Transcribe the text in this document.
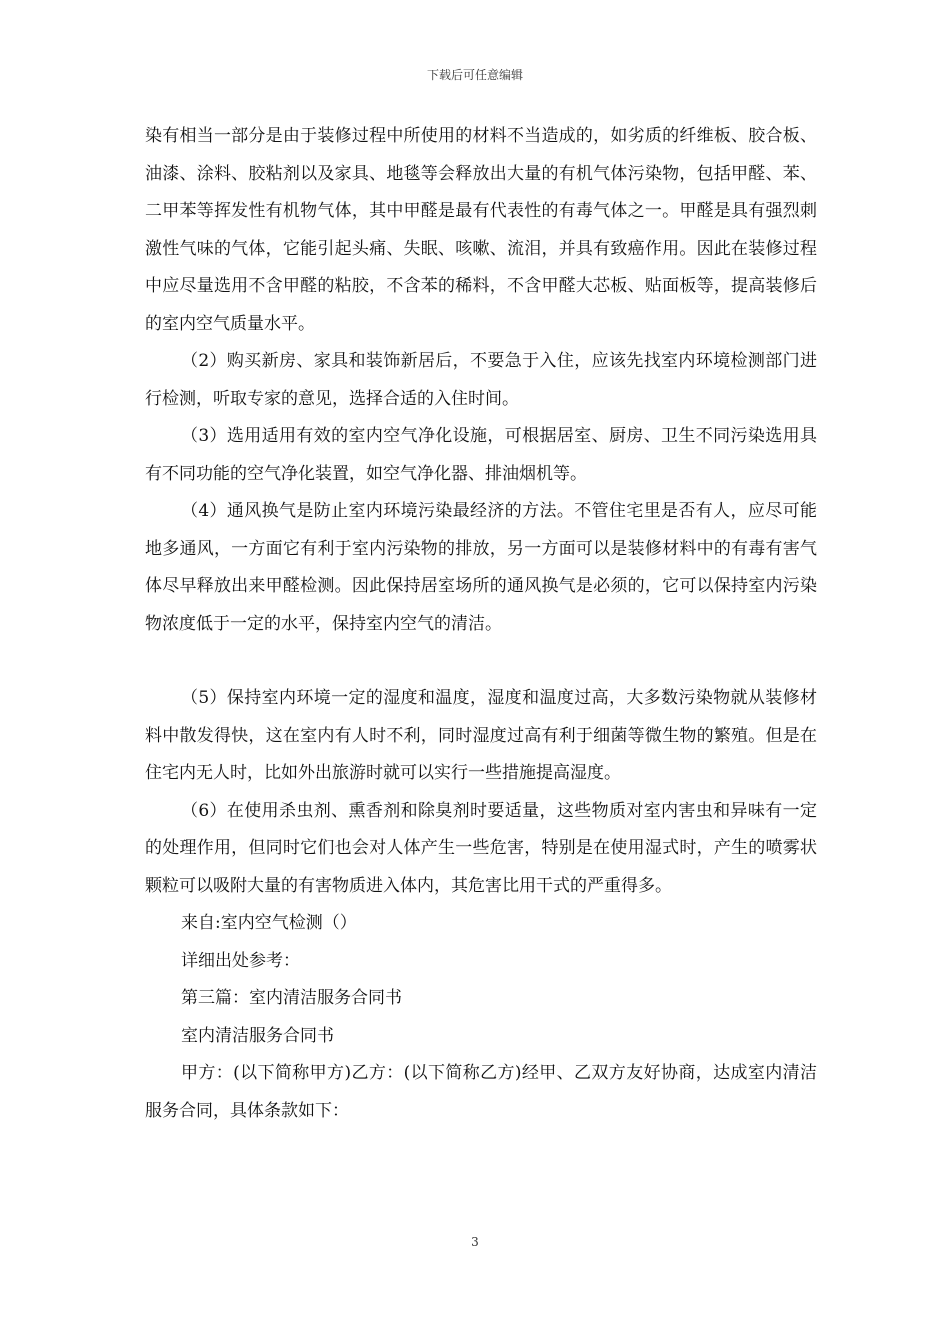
下载后可任意编辑

染有相当一部分是由于装修过程中所使用的材料不当造成的，如劣质的纤维板、胶合板、油漆、涂料、胶粘剂以及家具、地毯等会释放出大量的有机气体污染物，包括甲醛、苯、二甲苯等挥发性有机物气体，其中甲醛是最有代表性的有毒气体之一。甲醛是具有强烈刺激性气味的气体，它能引起头痛、失眠、咳嗽、流泪，并具有致癌作用。因此在装修过程中应尽量选用不含甲醛的粘胶，不含苯的稀料，不含甲醛大芯板、贴面板等，提高装修后的室内空气质量水平。

（2）购买新房、家具和装饰新居后，不要急于入住，应该先找室内环境检测部门进行检测，听取专家的意见，选择合适的入住时间。

（3）选用适用有效的室内空气净化设施，可根据居室、厨房、卫生不同污染选用具有不同功能的空气净化装置，如空气净化器、排油烟机等。

（4）通风换气是防止室内环境污染最经济的方法。不管住宅里是否有人，应尽可能地多通风，一方面它有利于室内污染物的排放，另一方面可以是装修材料中的有毒有害气体尽早释放出来甲醛检测。因此保持居室场所的通风换气是必须的，它可以保持室内污染物浓度低于一定的水平，保持室内空气的清洁。

（5）保持室内环境一定的湿度和温度，湿度和温度过高，大多数污染物就从装修材料中散发得快，这在室内有人时不利，同时湿度过高有利于细菌等微生物的繁殖。但是在住宅内无人时，比如外出旅游时就可以实行一些措施提高湿度。

（6）在使用杀虫剂、熏香剂和除臭剂时要适量，这些物质对室内害虫和异味有一定的处理作用，但同时它们也会对人体产生一些危害，特别是在使用湿式时，产生的喷雾状颗粒可以吸附大量的有害物质进入体内，其危害比用干式的严重得多。

来自:室内空气检测（）

详细出处参考：

第三篇：室内清洁服务合同书

室内清洁服务合同书

甲方：(以下简称甲方)乙方：(以下简称乙方)经甲、乙双方友好协商，达成室内清洁服务合同，具体条款如下：

3
